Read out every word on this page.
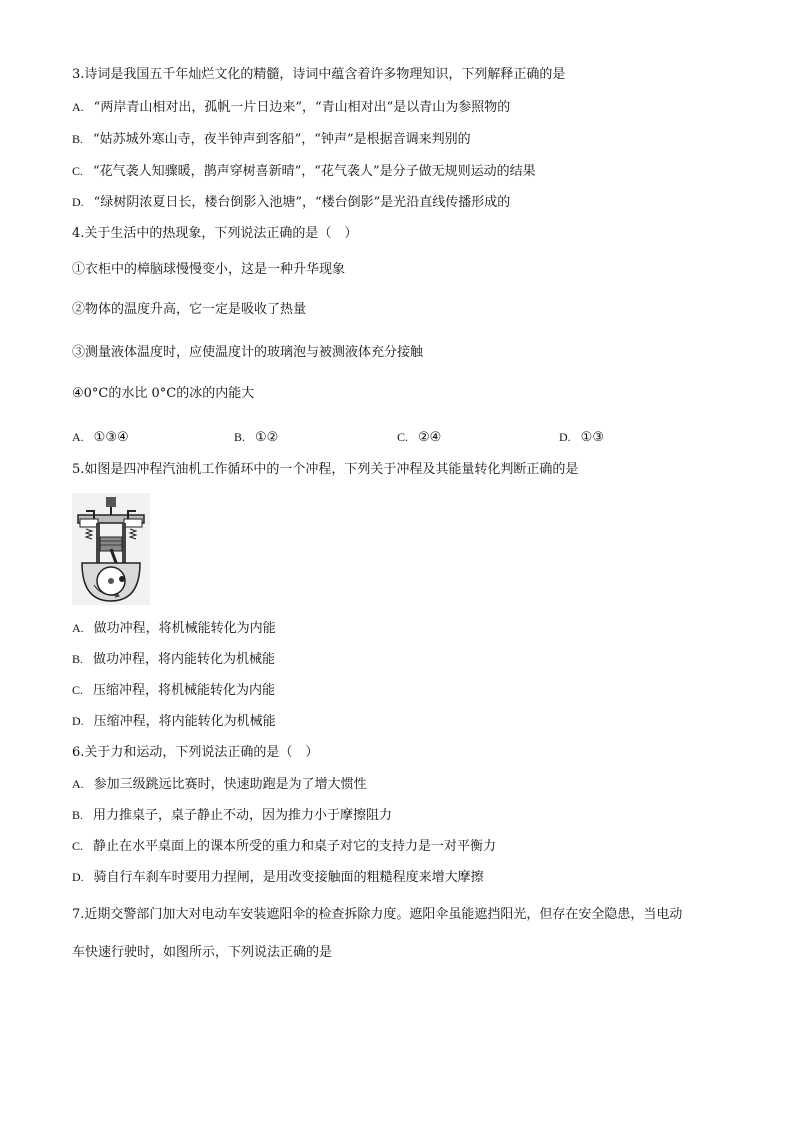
3.诗词是我国五千年灿烂文化的精髓，诗词中蕴含着许多物理知识，下列解释正确的是
A. “两岸青山相对出，孤帆一片日边来”，“青山相对出”是以青山为参照物的
B. “姑苏城外寒山寺，夜半钟声到客船”，“钟声”是根据音调来判别的
C. “花气袭人知骤暖，鹊声穿树喜新晴”，“花气袭人”是分子做无规则运动的结果
D. “绿树阴浓夏日长，楼台倒影入池塘”，“楼台倒影”是光沿直线传播形成的
4.关于生活中的热现象，下列说法正确的是（　）
①衣柜中的樟脑球慢慢变小，这是一种升华现象
②物体的温度升高，它一定是吸收了热量
③测量液体温度时，应使温度计的玻璃泡与被测液体充分接触
④0°C的水比 0°C的冰的内能大
A. ①③④	B. ①②	C. ②④	D. ①③
5.如图是四冲程汽油机工作循环中的一个冲程，下列关于冲程及其能量转化判断正确的是
A. 做功冲程，将机械能转化为内能
B. 做功冲程，将内能转化为机械能
C. 压缩冲程，将机械能转化为内能
D. 压缩冲程，将内能转化为机械能
6.关于力和运动，下列说法正确的是（　）
A. 参加三级跳远比赛时，快速助跑是为了增大惯性
B. 用力推桌子，桌子静止不动，因为推力小于摩擦阻力
C. 静止在水平桌面上的课本所受的重力和桌子对它的支持力是一对平衡力
D. 骑自行车刹车时要用力捏闸，是用改变接触面的粗糙程度来增大摩擦
7.近期交警部门加大对电动车安装遮阳伞的检查拆除力度。遮阳伞虽能遮挡阳光，但存在安全隐患，当电动
车快速行驶时，如图所示，下列说法正确的是
